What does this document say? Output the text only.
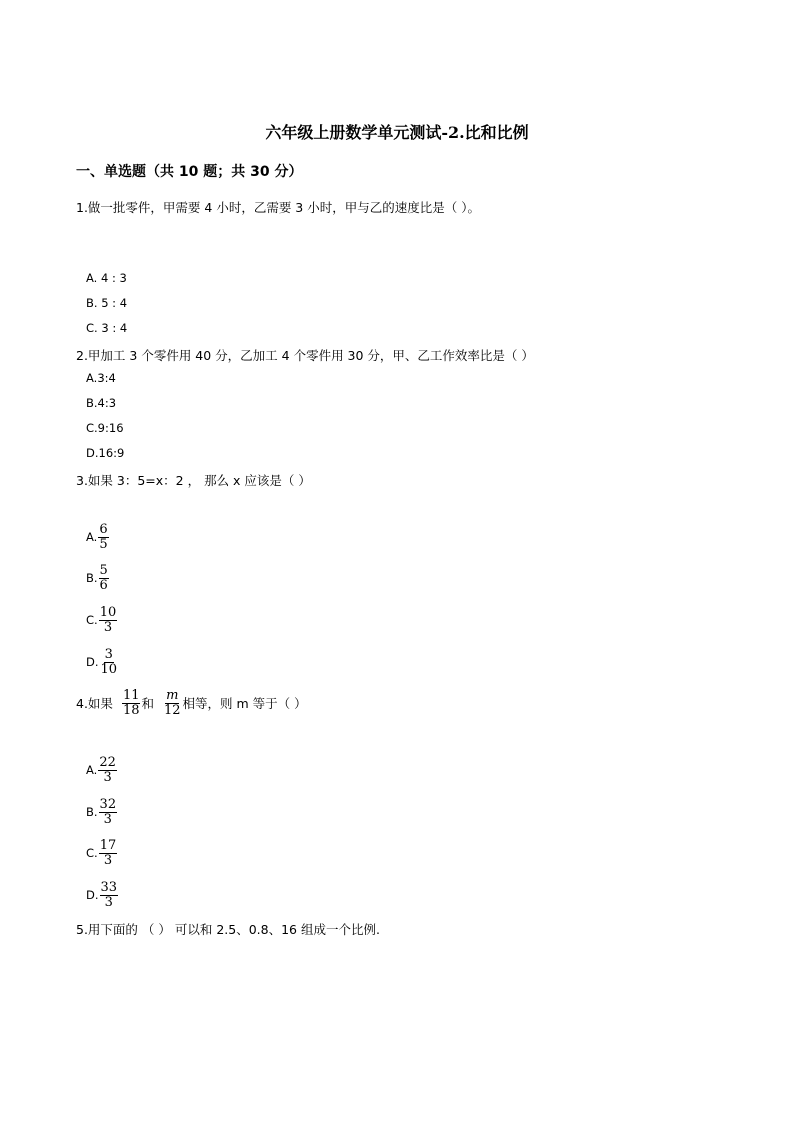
六年级上册数学单元测试-2.比和比例
一、单选题（共 10 题；共 30 分）
1.做一批零件，甲需要 4 小时，乙需要 3 小时，甲与乙的速度比是（ ）。
A. 4 : 3
B. 5 : 4
C. 3 : 4
2.甲加工 3 个零件用 40 分，乙加工 4 个零件用 30 分，甲、乙工作效率比是（ ）
A.3:4
B.4:3
C.9:16
D.16:9
3.如果 3：5=x：2 ， 那么 x 应该是（ ）
A. $\frac{6}{5}$
B. $\frac{5}{6}$
C. $\frac{10}{3}$
D. $\frac{3}{10}$
4.如果 $\frac{11}{18}$ 和 $\frac{m}{12}$ 相等，则 m 等于（ ）
A. $\frac{22}{3}$
B. $\frac{32}{3}$
C. $\frac{17}{3}$
D. $\frac{33}{3}$
5.用下面的 （ ） 可以和 2.5、0.8、16 组成一个比例.
